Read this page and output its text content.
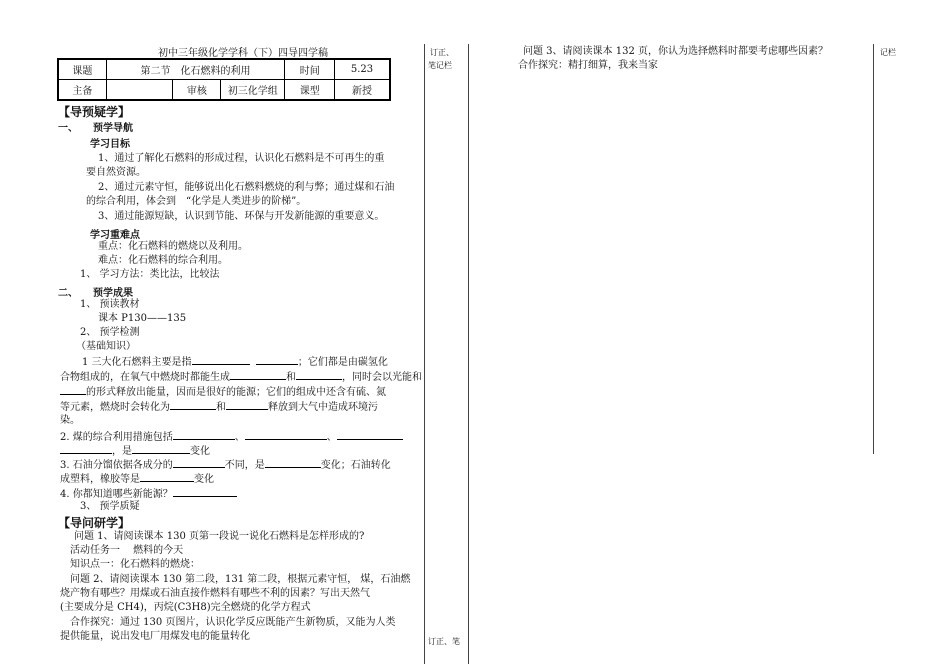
初中三年级化学学科（下）四导四学稿
课题	第二节　化石燃料的利用			时间	5.23
主备		审核	初三化学组	课型	新授
【导预疑学】
一、　　预学导航
学习目标
1、通过了解化石燃料的形成过程，认识化石燃料是不可再生的重
要自然资源。
2、通过元素守恒，能够说出化石燃料燃烧的利与弊；通过煤和石油
的综合利用，体会到　“化学是人类进步的阶梯”。
3、通过能源短缺，认识到节能、环保与开发新能源的重要意义。
学习重难点
重点：化石燃料的燃烧以及利用。
难点：化石燃料的综合利用。
1、 学习方法：类比法，比较法
二、　　预学成果
1、 预读教材
课本 P130——135
2、 预学检测
（基础知识）
1 三大化石燃料主要是指	；它们都是由碳氢化
合物组成的，在氧气中燃烧时都能生成	和	，同时会以光能和
的形式释放出能量，因而是很好的能源；它们的组成中还含有硫、氮
等元素，燃烧时会转化为	和	释放到大气中造成环境污
染。
2. 煤的综合利用措施包括	、	、
，是	变化
3. 石油分馏依据各成分的	不同，是	变化；石油转化
成塑料，橡胶等是	变化
4. 你都知道哪些新能源？
3、 预学质疑
【导问研学】
问题 1、请阅读课本 130 页第一段说一说化石燃料是怎样形成的?
活动任务一　 燃料的今天
知识点一：化石燃料的燃烧：
问题 2、请阅读课本 130 第二段，131 第二段，根据元素守恒， 煤，石油燃
烧产物有哪些？用煤或石油直接作燃料有哪些不利的因素？写出天然气
(主要成分是 CH4)，丙烷(C3H8)完全燃烧的化学方程式
合作探究：通过 130 页图片，认识化学反应既能产生新物质，又能为人类
提供能量，说出发电厂用煤发电的能量转化
订正、
笔记栏
订正、笔
记栏
问题 3、请阅读课本 132 页，你认为选择燃料时都要考虑哪些因素？
合作探究：精打细算，我来当家
